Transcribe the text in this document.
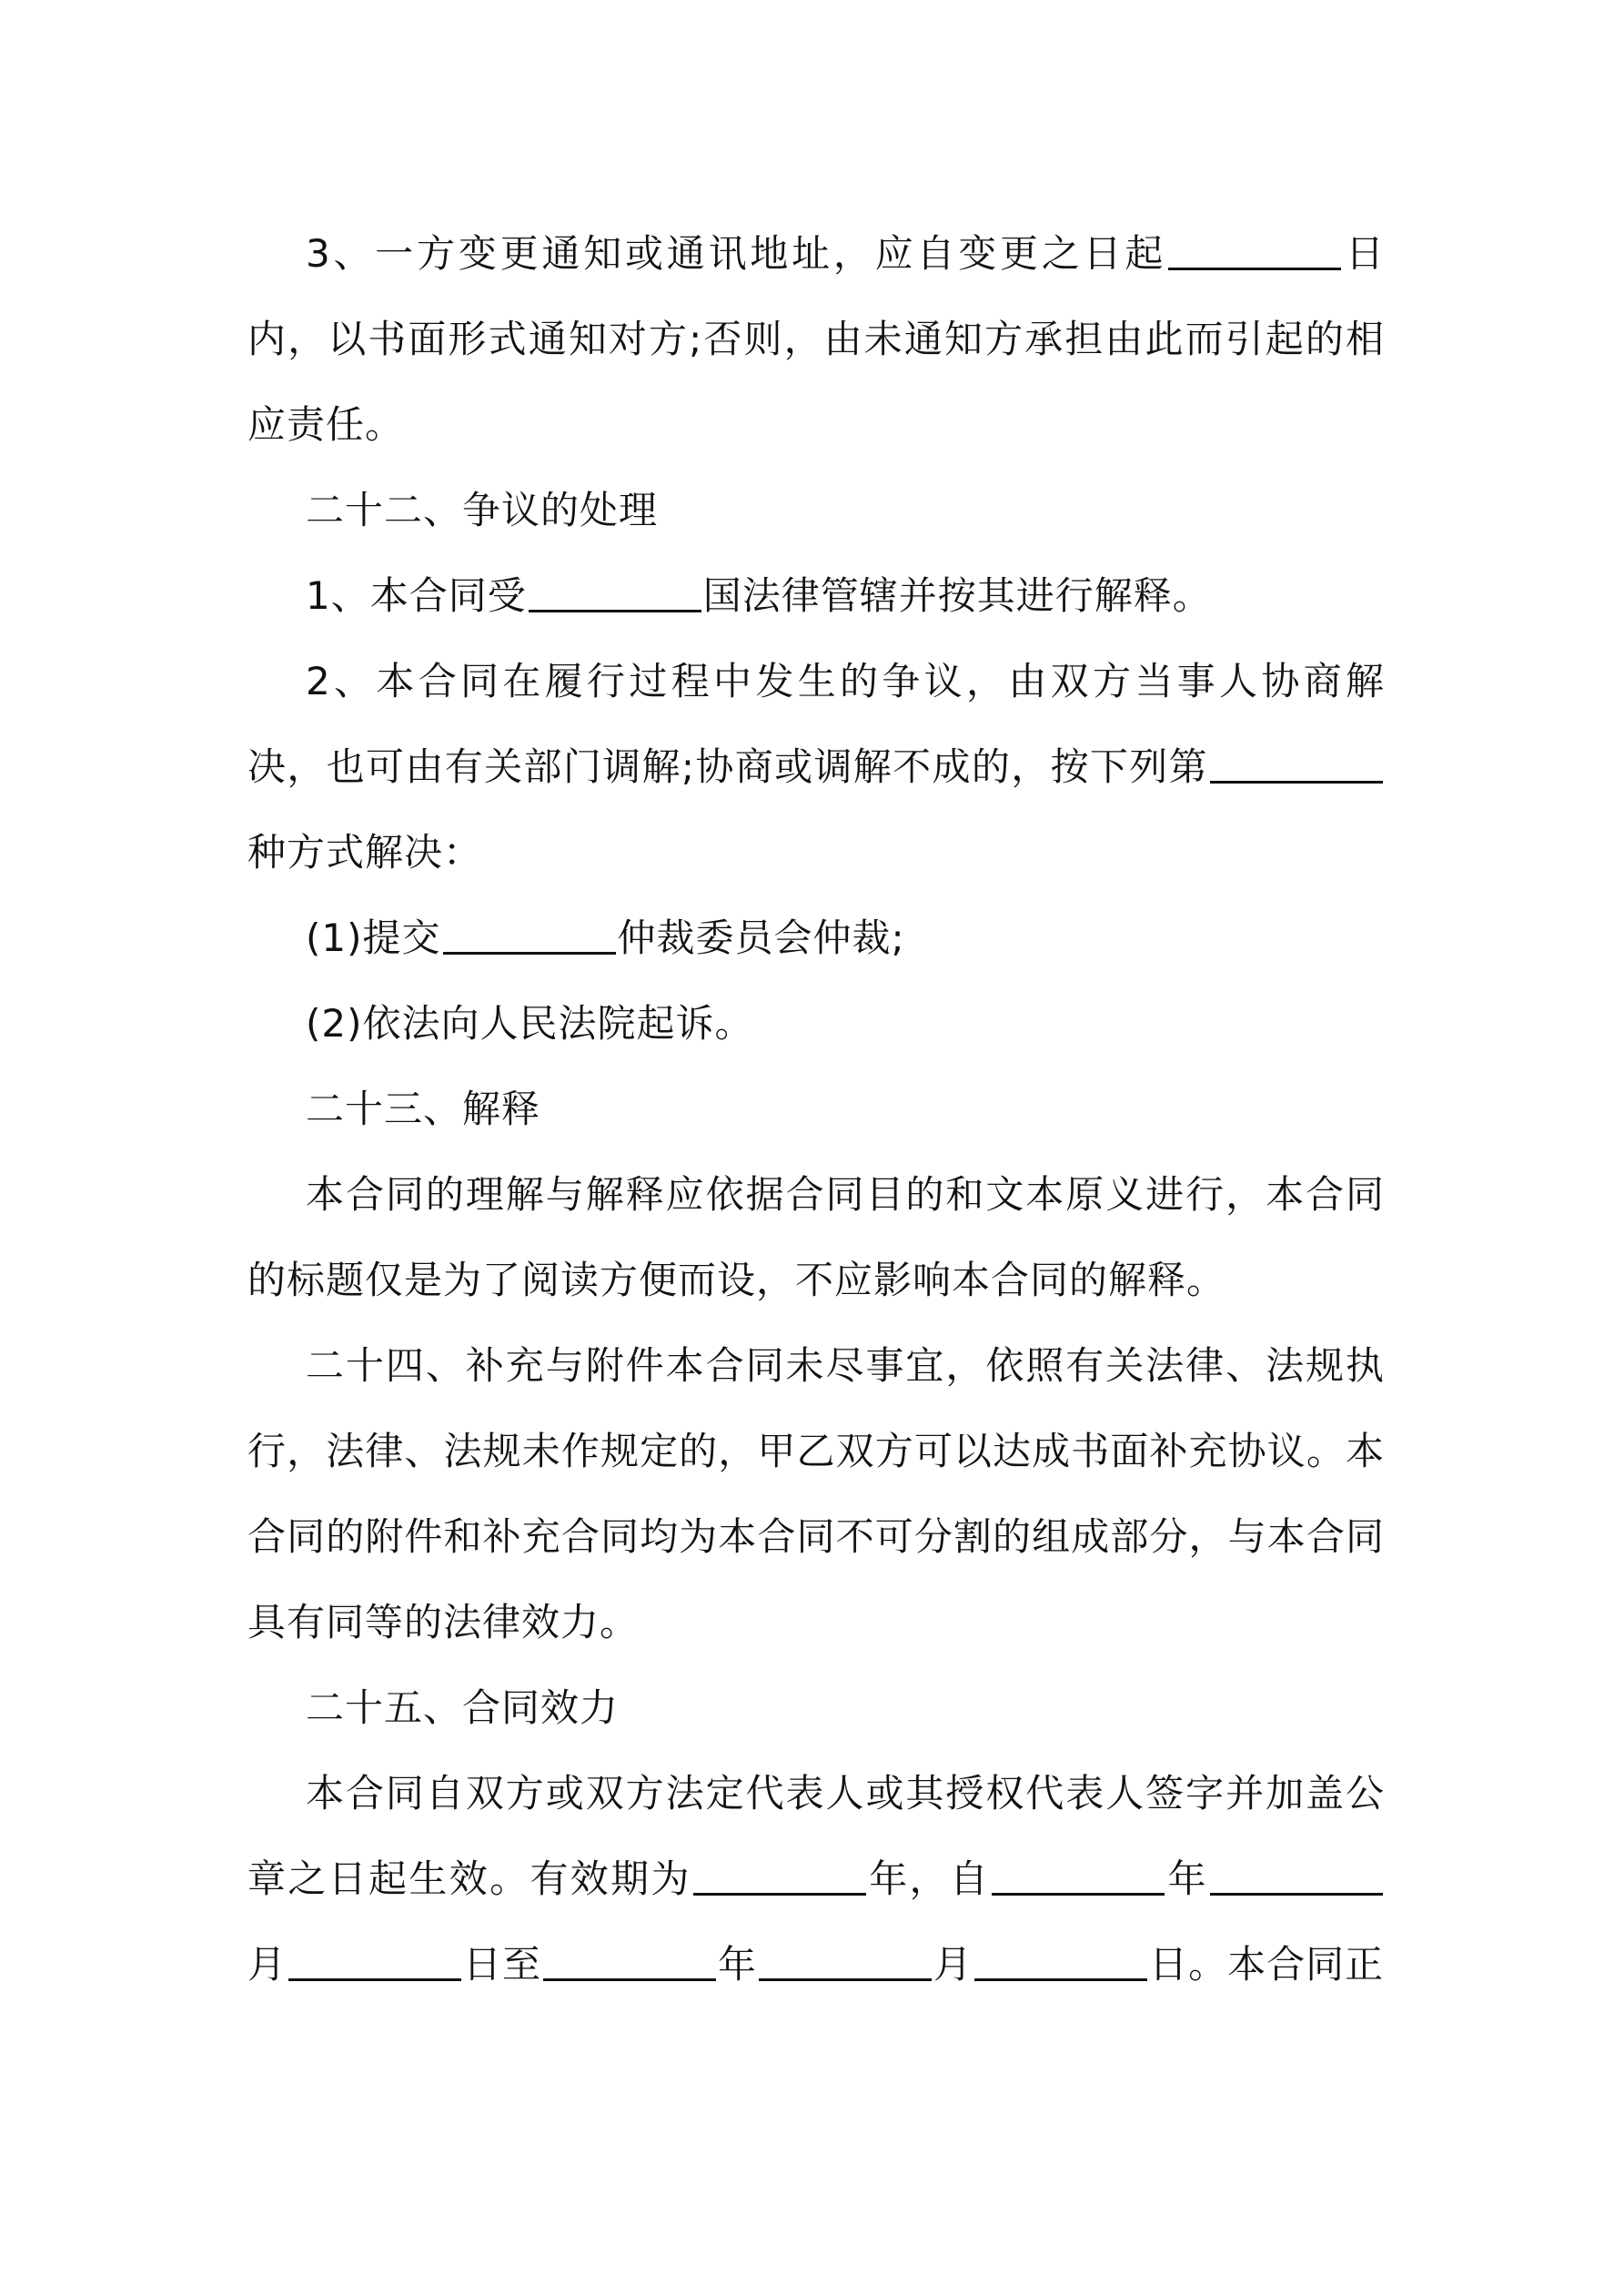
3、一方变更通知或通讯地址，应自变更之日起	日内，以书面形式通知对方;否则，由未通知方承担由此而引起的相应责任。

二十二、争议的处理

1、本合同受	国法律管辖并按其进行解释。

2、本合同在履行过程中发生的争议，由双方当事人协商解决，也可由有关部门调解;协商或调解不成的，按下列第种方式解决：

(1)提交	仲裁委员会仲裁;

(2)依法向人民法院起诉。

二十三、解释

本合同的理解与解释应依据合同目的和文本原义进行，本合同的标题仅是为了阅读方便而设，不应影响本合同的解释。

二十四、补充与附件本合同未尽事宜，依照有关法律、法规执行，法律、法规未作规定的，甲乙双方可以达成书面补充协议。本合同的附件和补充合同均为本合同不可分割的组成部分，与本合同具有同等的法律效力。

二十五、合同效力

本合同自双方或双方法定代表人或其授权代表人签字并加盖公章之日起生效。有效期为	年，自	年月	日至	年	月	日。本合同正
